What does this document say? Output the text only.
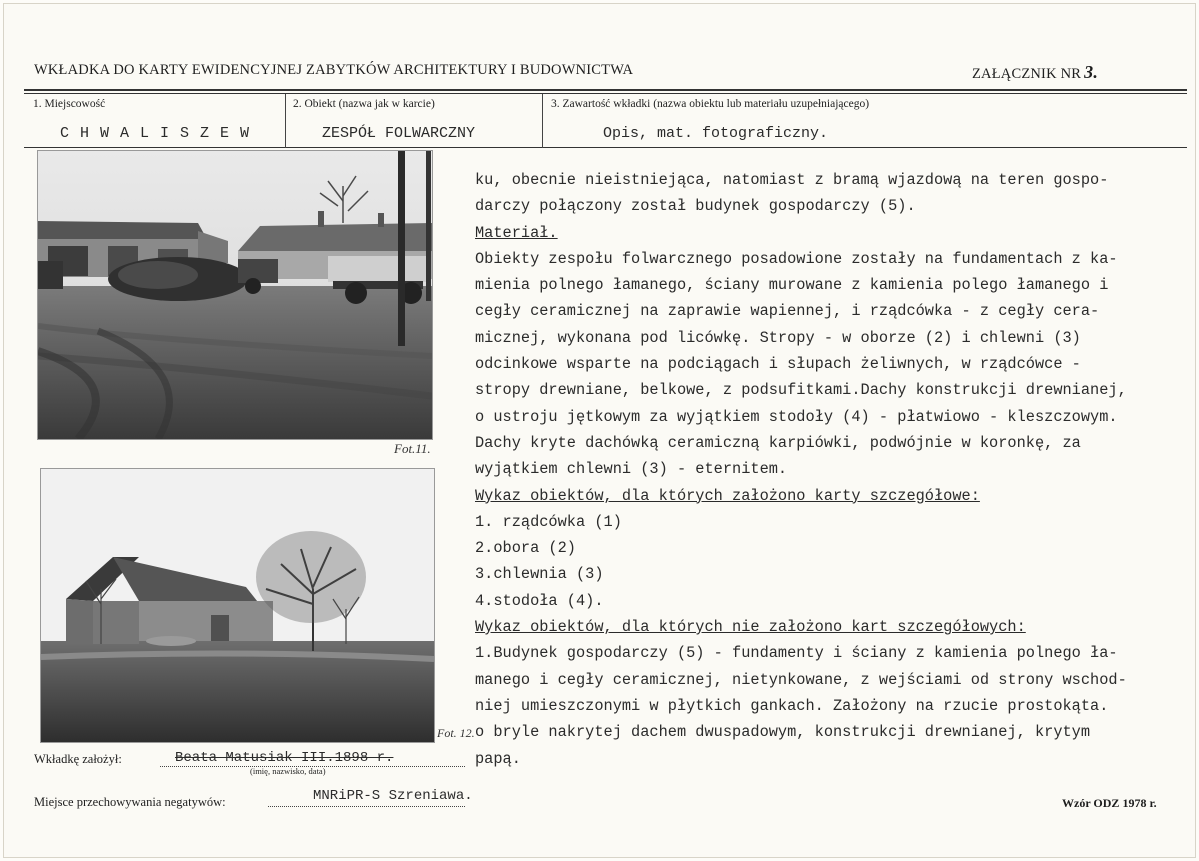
WKŁADKA DO KARTY EWIDENCYJNEJ ZABYTKÓW ARCHITEKTURY I BUDOWNICTWA	ZAŁĄCZNIK NR 3.
1. Miejscowość
C H W A L I S Z E W
2. Obiekt (nazwa jak w karcie)
ZESPÓŁ FOLWARCZNY
3. Zawartość wkładki (nazwa obiektu lub materiału uzupełniającego)
Opis, mat. fotograficzny.
Fot.11.
Fot. 12.
ku, obecnie nieistniejąca, natomiast z bramą wjazdową na teren gospo-
darczy połączony został budynek gospodarczy (5).
Materiał.
Obiekty zespołu folwarcznego posadowione zostały na fundamentach z ka-
mienia polnego łamanego, ściany murowane z kamienia polego łamanego i
cegły ceramicznej na zaprawie wapiennej, i rządcówka - z cegły cera-
micznej, wykonana pod licówkę. Stropy - w oborze (2) i chlewni (3)
odcinkowe wsparte na podciągach i słupach żeliwnych, w rządcówce -
stropy drewniane, belkowe, z podsufitkami.Dachy konstrukcji drewnianej,
o ustroju jętkowym za wyjątkiem stodoły (4) - płatwiowo - kleszczowym.
Dachy kryte dachówką ceramiczną karpiówki, podwójnie w koronkę, za
wyjątkiem chlewni (3) - eternitem.
Wykaz obiektów, dla których założono karty szczegółowe:
1. rządcówka (1)
2.obora (2)
3.chlewnia (3)
4.stodoła (4).
Wykaz obiektów, dla których nie założono kart szczegółowych:
1.Budynek gospodarczy (5) - fundamenty i ściany z kamienia polnego ła-
manego i cegły ceramicznej, nietynkowane, z wejściami od strony wschod-
niej umieszczonymi w płytkich gankach. Założony na rzucie prostokąta.
o bryle nakrytej dachem dwuspadowym, konstrukcji drewnianej, krytym
papą.
Wkładkę założył:	Beata Matusiak III.1898 r.
(imię, nazwisko, data)
Miejsce przechowywania negatywów:	MNRiPR-S Szreniawa.	Wzór ODZ 1978 r.
